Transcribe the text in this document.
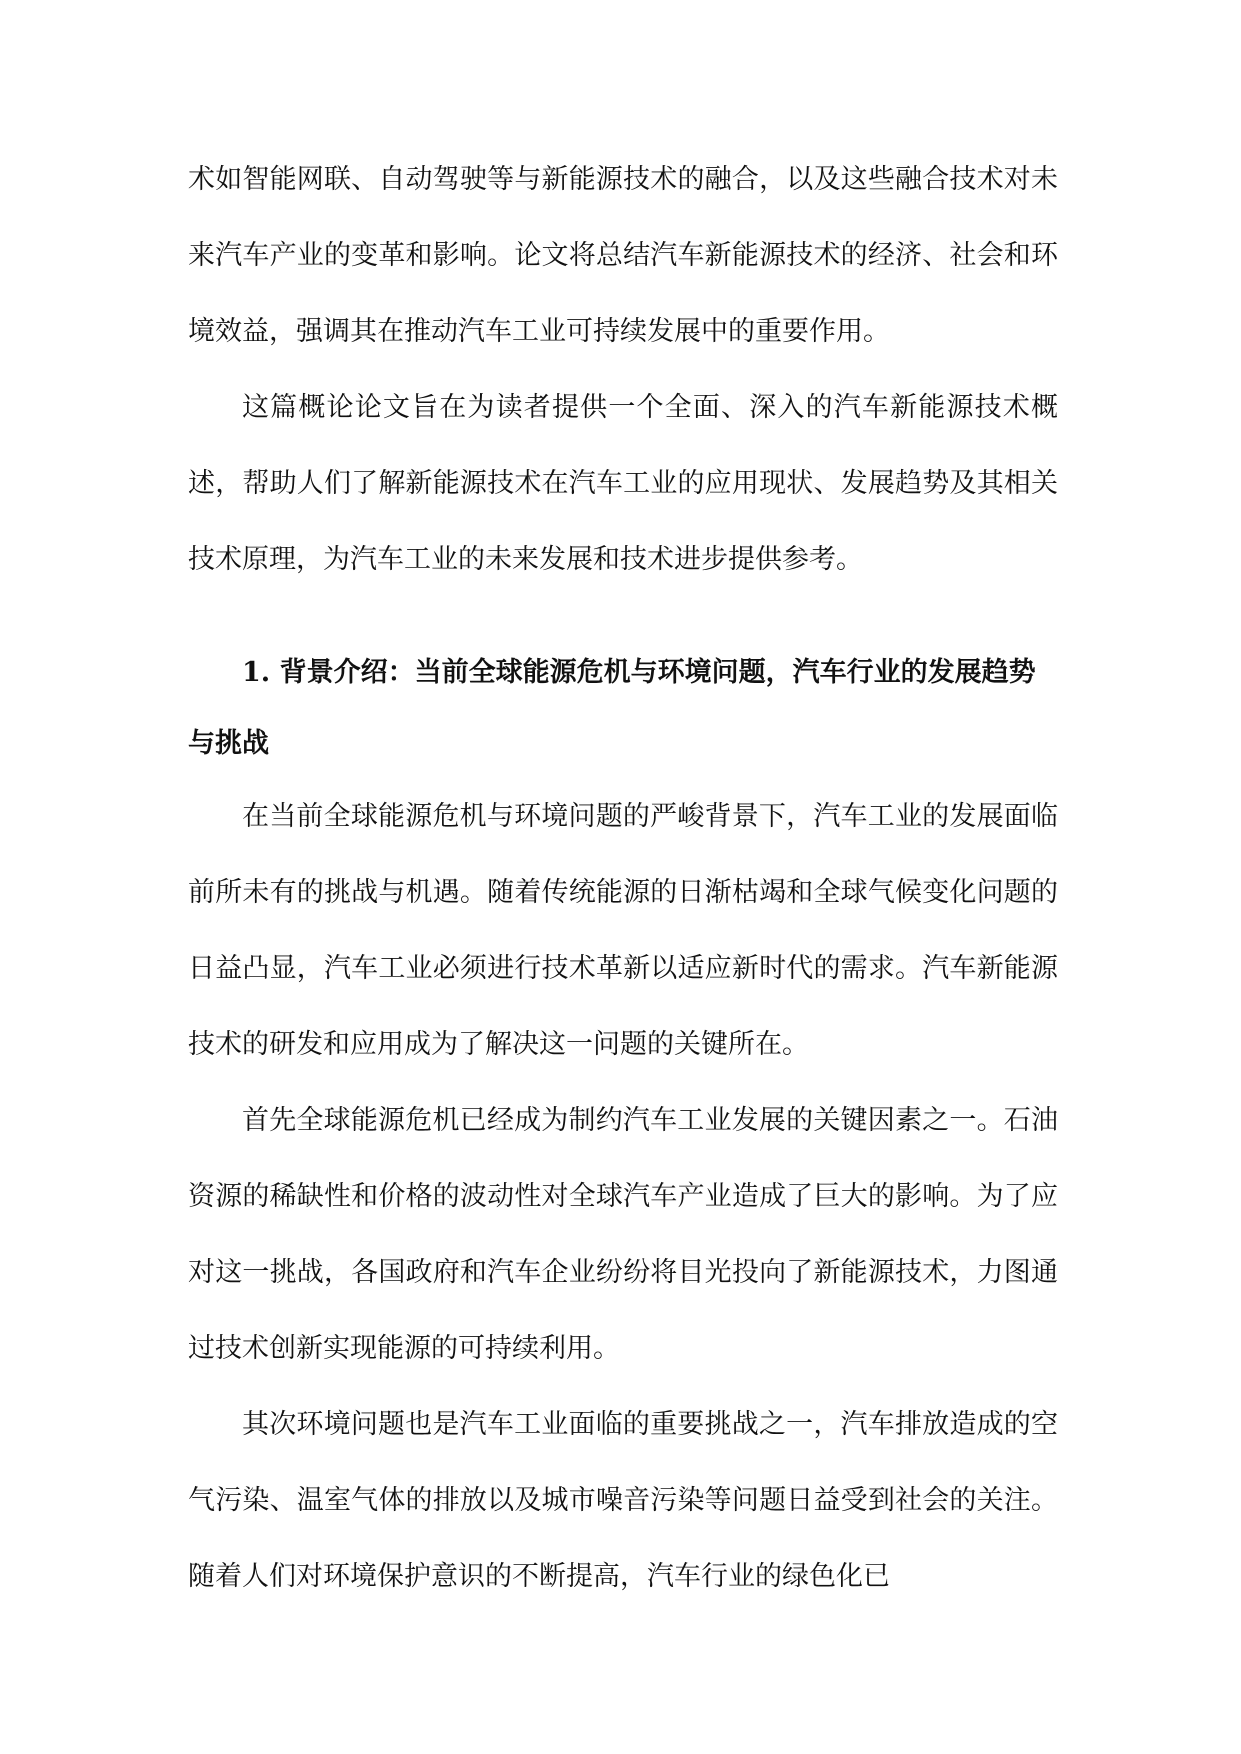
术如智能网联、自动驾驶等与新能源技术的融合，以及这些融合技术对未来汽车产业的变革和影响。论文将总结汽车新能源技术的经济、社会和环境效益，强调其在推动汽车工业可持续发展中的重要作用。

这篇概论论文旨在为读者提供一个全面、深入的汽车新能源技术概述，帮助人们了解新能源技术在汽车工业的应用现状、发展趋势及其相关技术原理，为汽车工业的未来发展和技术进步提供参考。

1. 背景介绍：当前全球能源危机与环境问题，汽车行业的发展趋势与挑战

在当前全球能源危机与环境问题的严峻背景下，汽车工业的发展面临前所未有的挑战与机遇。随着传统能源的日渐枯竭和全球气候变化问题的日益凸显，汽车工业必须进行技术革新以适应新时代的需求。汽车新能源技术的研发和应用成为了解决这一问题的关键所在。

首先全球能源危机已经成为制约汽车工业发展的关键因素之一。石油资源的稀缺性和价格的波动性对全球汽车产业造成了巨大的影响。为了应对这一挑战，各国政府和汽车企业纷纷将目光投向了新能源技术，力图通过技术创新实现能源的可持续利用。

其次环境问题也是汽车工业面临的重要挑战之一，汽车排放造成的空气污染、温室气体的排放以及城市噪音污染等问题日益受到社会的关注。随着人们对环境保护意识的不断提高，汽车行业的绿色化已
